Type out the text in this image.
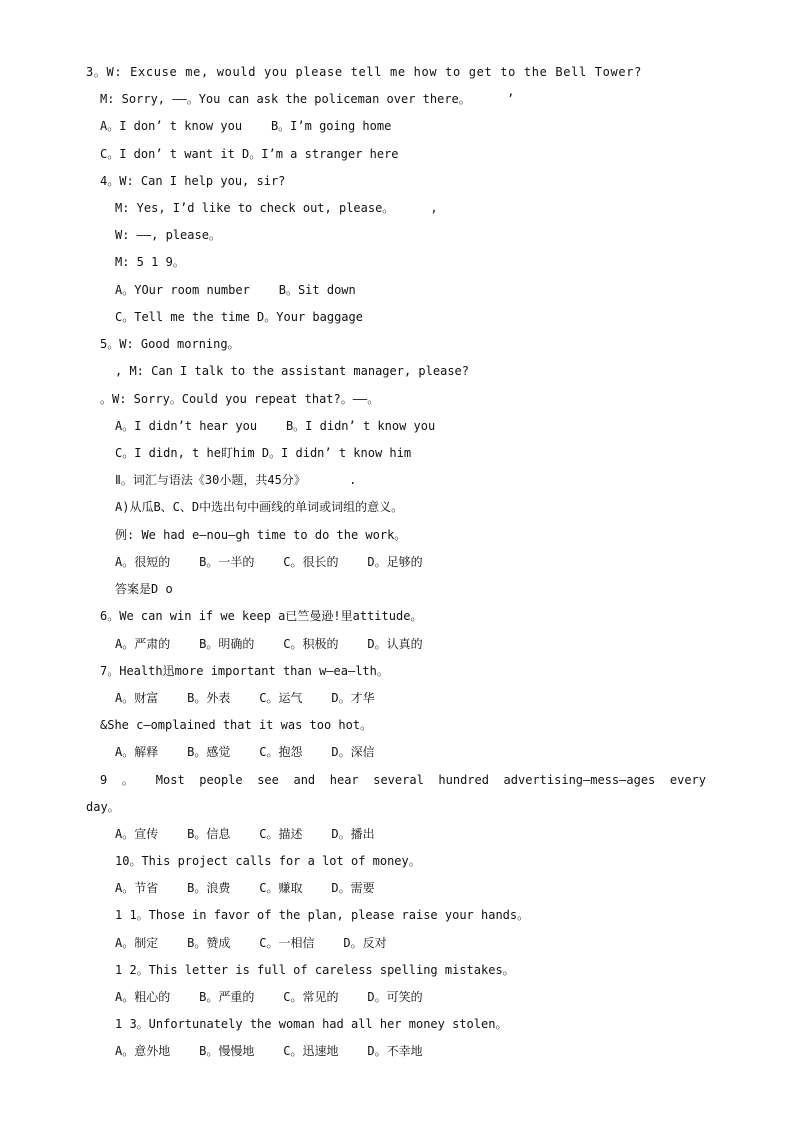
3。W: Excuse me, would you please tell me how to get to the Bell Tower?
M: Sorry, ——。You can ask the policeman over there。     ’
A。I don’ t know you    B。I’m going home
C。I don’ t want it D。I’m a stranger here
4。W: Can I help you, sir?
M: Yes, I’d like to check out, please。     ,
W: ——, please。
M: 5 1 9。
A。YOur room number    B。Sit down
C。Tell me the time D。Your baggage
5。W: Good morning。
, M: Can I talk to the assistant manager, please?
。W: Sorry。Could you repeat that?。——。
A。I didn’t hear you    B。I didn’ t know you
C。I didn, t he盯him D。I didn’ t know him
Ⅱ。词汇与语法《30小题，共45分》      .
A)从瓜B、C、D中选出句中画线的单词或词组的意义。
例: We had e—nou—gh time to do the work。
A。很短的    B。一半的    C。很长的    D。足够的
答案是D o
6。We can win if we keep a已竺曼逊!里attitude。
A。严肃的    B。明确的    C。积极的    D。认真的
7。Health迅more important than w—ea—lth。
A。财富    B。外表    C。运气    D。才华
&She c—omplained that it was too hot。
A。解释    B。感觉    C。抱怨    D。深信
9 。 Most people see and hear several hundred advertising—mess—ages every
day。
A。宣传    B。信息    C。描述    D。播出
10。This project calls for a lot of money。
A。节省    B。浪费    C。赚取    D。需要
1 1。Those in favor of the plan, please raise your hands。
A。制定    B。赞成    C。一相信    D。反对
1 2。This letter is full of careless spelling mistakes。
A。粗心的    B。严重的    C。常见的    D。可笑的
1 3。Unfortunately the woman had all her money stolen。
A。意外地    B。慢慢地    C。迅速地    D。不幸地
